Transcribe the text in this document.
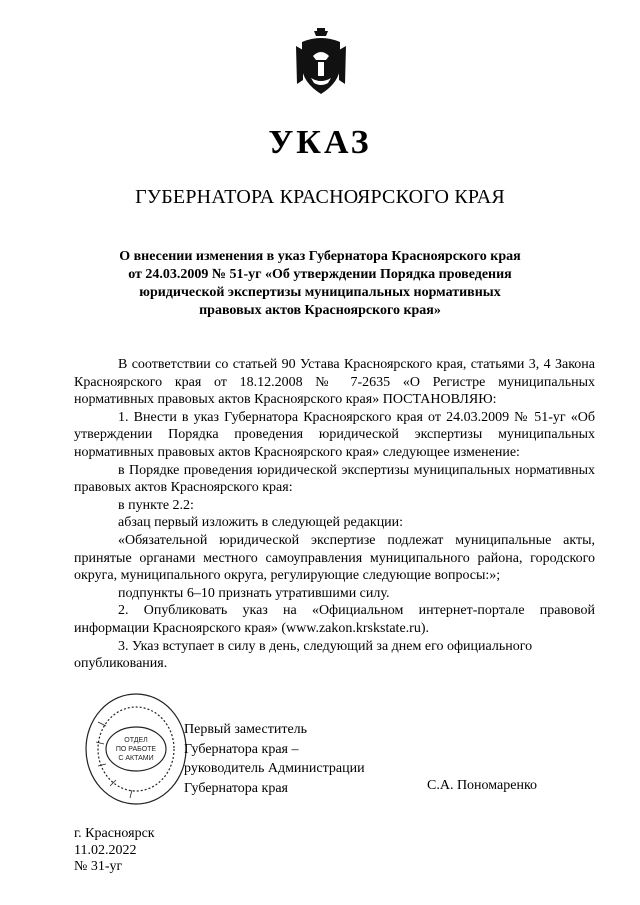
УКАЗ
ГУБЕРНАТОРА КРАСНОЯРСКОГО КРАЯ
О внесении изменения в указ Губернатора Красноярского края
от 24.03.2009 № 51-уг «Об утверждении Порядка проведения
юридической экспертизы муниципальных нормативных
правовых актов Красноярского края»

В соответствии со статьей 90 Устава Красноярского края, статьями 3, 4 Закона Красноярского края от 18.12.2008 № 7-2635 «О Регистре муниципальных нормативных правовых актов Красноярского края» ПОСТАНОВЛЯЮ:

1. Внести в указ Губернатора Красноярского края от 24.03.2009 № 51-уг «Об утверждении Порядка проведения юридической экспертизы муниципальных нормативных правовых актов Красноярского края» следующее изменение:

в Порядке проведения юридической экспертизы муниципальных нормативных правовых актов Красноярского края:

в пункте 2.2:

абзац первый изложить в следующей редакции:

«Обязательной юридической экспертизе подлежат муниципальные акты, принятые органами местного самоуправления муниципального района, городского округа, муниципального округа, регулирующие следующие вопросы:»;

подпункты 6–10 признать утратившими силу.

2. Опубликовать указ на «Официальном интернет-портале правовой информации Красноярского края» (www.zakon.krskstate.ru).

3. Указ вступает в силу в день, следующий за днем его официального опубликования.

ОТДЕЛ
ПО РАБОТЕ
С АКТАМИ
Первый заместитель
Губернатора края –
руководитель Администрации
Губернатора края	С.А. Пономаренко
г. Красноярск
11.02.2022
№ 31-уг
